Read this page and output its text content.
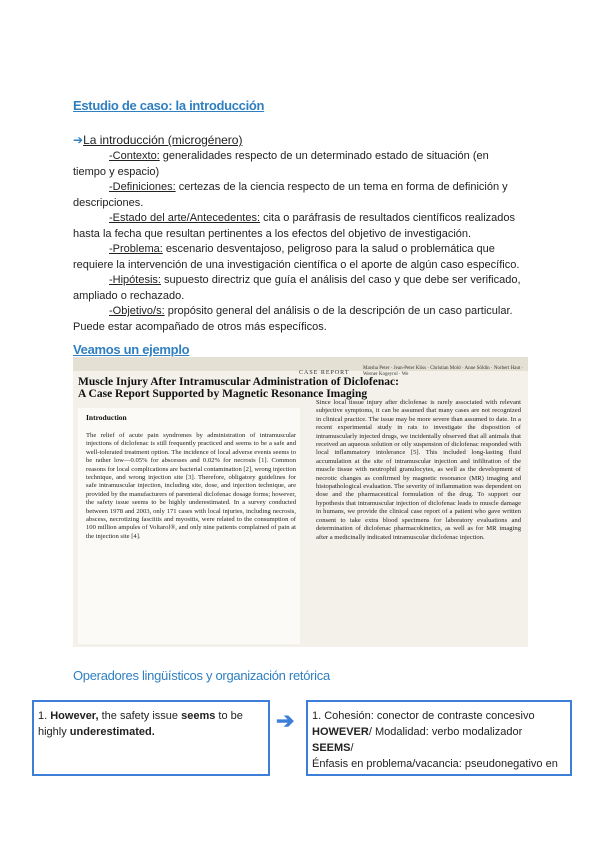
Estudio de caso: la introducción
➔La introducción (microgénero)
-Contexto: generalidades respecto de un determinado estado de situación (en
tiempo y espacio)
-Definiciones: certezas de la ciencia respecto de un tema en forma de definición y
descripciones.
-Estado del arte/Antecedentes: cita o paráfrasis de resultados científicos realizados
hasta la fecha que resultan pertinentes a los efectos del objetivo de investigación.
-Problema: escenario desventajoso, peligroso para la salud o problemática que
requiere la intervención de una investigación científica o el aporte de algún caso específico.
-Hipótesis: supuesto directriz que guía el análisis del caso y que debe ser verificado,
ampliado o rechazado.
-Objetivo/s: propósito general del análisis o de la descripción de un caso particular.
Puede estar acompañado de otros más específicos.
Veamos un ejemplo
CASE REPORT
Marsha Peter · Jean-Peter Kliss · Christian Mold · Anne Söldin · Norbert Haut · Werner Kogeyrol · We
Muscle Injury After Intramuscular Administration of Diclofenac:
A Case Report Supported by Magnetic Resonance Imaging
Introduction
The relief of acute pain syndromes by administration of intramuscular injections of diclofenac is still frequently practiced and seems to be a safe and well-tolerated treatment option. The incidence of local adverse events seems to be rather low—0.05% for abscesses and 0.02% for necrosis [1]. Common reasons for local complications are bacterial contamination [2], wrong injection technique, and wrong injection site [3]. Therefore, obligatory guidelines for safe intramuscular injection, including site, dose, and injection technique, are provided by the manufacturers of parenteral diclofenac dosage forms; however, the safety issue seems to be highly underestimated. In a survey conducted between 1978 and 2003, only 171 cases with local injuries, including necrosis, abscess, necrotizing fasciitis and myositis, were related to the consumption of 100 million ampules of Voltarol®, and only nine patients complained of pain at the injection site [4].
Since local tissue injury after diclofenac is rarely associated with relevant subjective symptoms, it can be assumed that many cases are not recognized in clinical practice. The issue may be more severe than assumed to date. In a recent experimental study in rats to investigate the disposition of intramuscularly injected drugs, we incidentally observed that all animals that received an aqueous solution or oily suspension of diclofenac responded with local inflammatory intolerance [5]. This included long-lasting fluid accumulation at the site of intramuscular injection and infiltration of the muscle tissue with neutrophil granulocytes, as well as the development of necrotic changes as confirmed by magnetic resonance (MR) imaging and histopathological evaluation. The severity of inflammation was dependent on dose and the pharmaceutical formulation of the drug. To support our hypothesis that intramuscular injection of diclofenac leads to muscle damage in humans, we provide the clinical case report of a patient who gave written consent to take extra blood specimens for laboratory evaluations and determination of diclofenac pharmacokinetics, as well as for MR imaging after a medicinally indicated intramuscular diclofenac injection.
Operadores lingüísticos y organización retórica
1. However, the safety issue seems to be highly underestimated.	➔ 1. Cohesión: conector de contraste concesivo
HOWEVER/ Modalidad: verbo modalizador SEEMS/
Énfasis en problema/vacancia: pseudonegativo en
